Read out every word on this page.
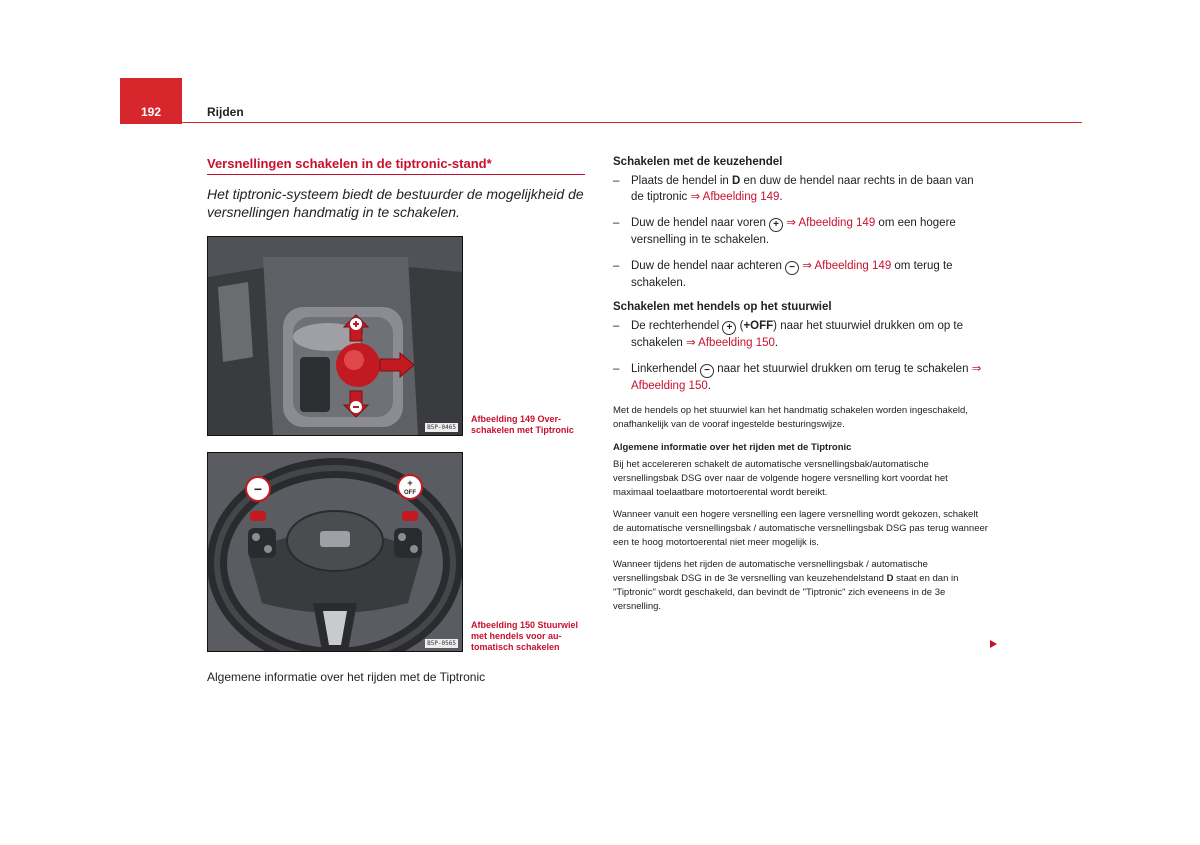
192	Rijden
Versnellingen schakelen in de tiptronic-stand*

Het tiptronic-systeem biedt de bestuurder de mogelijkheid de versnellingen handmatig in te schakelen.

B5P-0465
Afbeelding 149 Overschakelen met Tiptronic
−	+
OFF
B5P-0565
Afbeelding 150 Stuurwiel met hendels voor automatisch schakelen
Algemene informatie over het rijden met de Tiptronic
Schakelen met de keuzehendel
–	Plaats de hendel in D en duw de hendel naar rechts in de baan van de tiptronic ⇒ Afbeelding 149.
–	Duw de hendel naar voren + ⇒ Afbeelding 149 om een hogere versnelling in te schakelen.
–	Duw de hendel naar achteren − ⇒ Afbeelding 149 om terug te schakelen.
Schakelen met hendels op het stuurwiel
–	De rechterhendel + (+OFF) naar het stuurwiel drukken om op te schakelen ⇒ Afbeelding 150.
–	Linkerhendel − naar het stuurwiel drukken om terug te schakelen ⇒ Afbeelding 150.

Met de hendels op het stuurwiel kan het handmatig schakelen worden ingeschakeld, onafhankelijk van de vooraf ingestelde besturingswijze.

Algemene informatie over het rijden met de Tiptronic

Bij het accelereren schakelt de automatische versnellingsbak/automatische versnellingsbak DSG over naar de volgende hogere versnelling kort voordat het maximaal toelaatbare motortoerental wordt bereikt.

Wanneer vanuit een hogere versnelling een lagere versnelling wordt gekozen, schakelt de automatische versnellingsbak / automatische versnellingsbak DSG pas terug wanneer een te hoog motortoerental niet meer mogelijk is.

Wanneer tijdens het rijden de automatische versnellingsbak / automatische versnellingsbak DSG in de 3e versnelling van keuzehendelstand D staat en dan in "Tiptronic" wordt geschakeld, dan bevindt de "Tiptronic" zich eveneens in de 3e versnelling.
